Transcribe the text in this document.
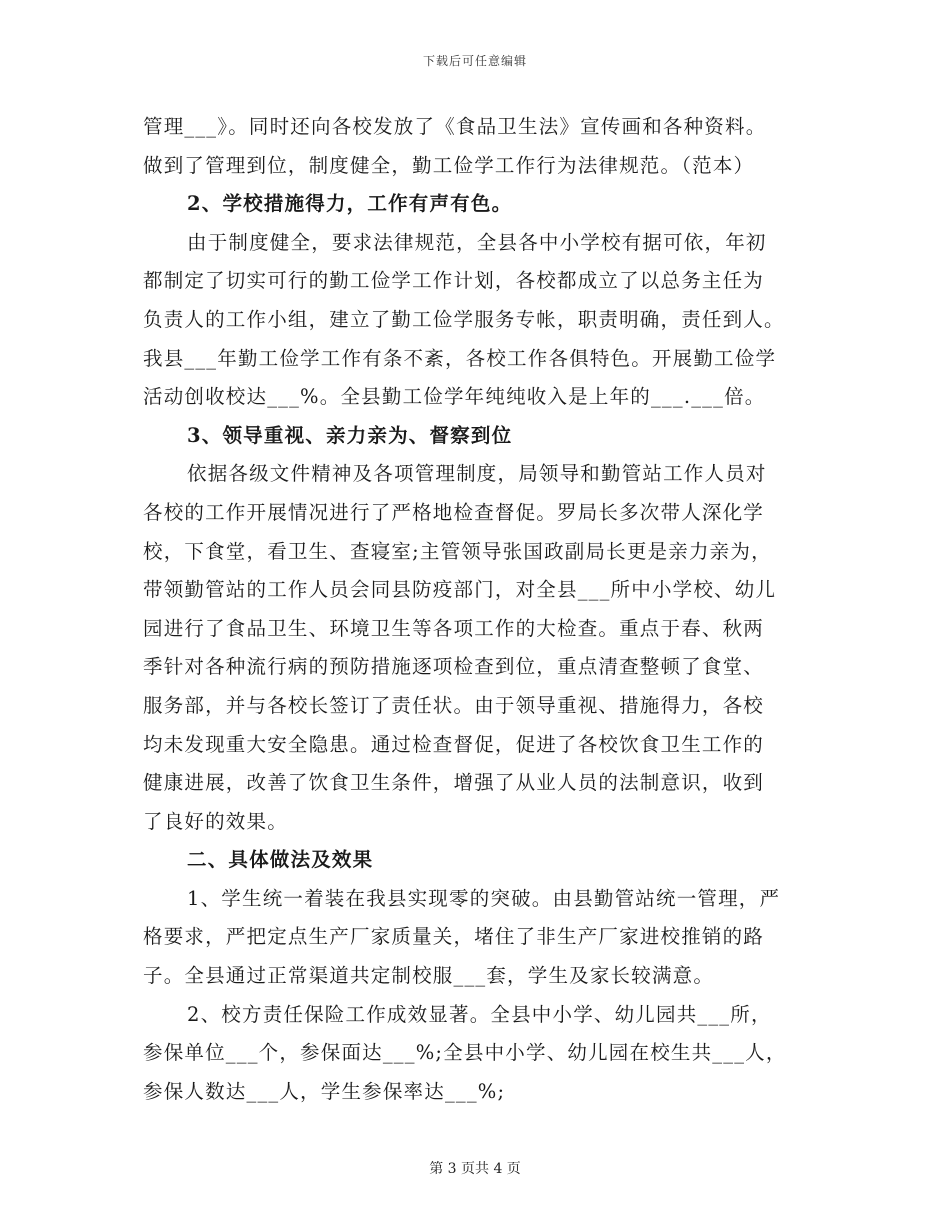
下载后可任意编辑
管理___》。同时还向各校发放了《食品卫生法》宣传画和各种资料。
做到了管理到位，制度健全，勤工俭学工作行为法律规范。（范本）
2、学校措施得力，工作有声有色。
由于制度健全，要求法律规范，全县各中小学校有据可依，年初
都制定了切实可行的勤工俭学工作计划，各校都成立了以总务主任为
负责人的工作小组，建立了勤工俭学服务专帐，职责明确，责任到人。
我县___年勤工俭学工作有条不紊，各校工作各俱特色。开展勤工俭学
活动创收校达___%。全县勤工俭学年纯纯收入是上年的___.___倍。
3、领导重视、亲力亲为、督察到位
依据各级文件精神及各项管理制度，局领导和勤管站工作人员对
各校的工作开展情况进行了严格地检查督促。罗局长多次带人深化学
校，下食堂，看卫生、查寝室;主管领导张国政副局长更是亲力亲为，
带领勤管站的工作人员会同县防疫部门，对全县___所中小学校、幼儿
园进行了食品卫生、环境卫生等各项工作的大检查。重点于春、秋两
季针对各种流行病的预防措施逐项检查到位，重点清查整顿了食堂、
服务部，并与各校长签订了责任状。由于领导重视、措施得力，各校
均未发现重大安全隐患。通过检查督促，促进了各校饮食卫生工作的
健康进展，改善了饮食卫生条件，增强了从业人员的法制意识，收到
了良好的效果。
二、具体做法及效果
1、学生统一着装在我县实现零的突破。由县勤管站统一管理，严
格要求，严把定点生产厂家质量关，堵住了非生产厂家进校推销的路
子。全县通过正常渠道共定制校服___套，学生及家长较满意。
2、校方责任保险工作成效显著。全县中小学、幼儿园共___所，
参保单位___个，参保面达___%;全县中小学、幼儿园在校生共___人，
参保人数达___人，学生参保率达___%;
第 3 页共 4 页
